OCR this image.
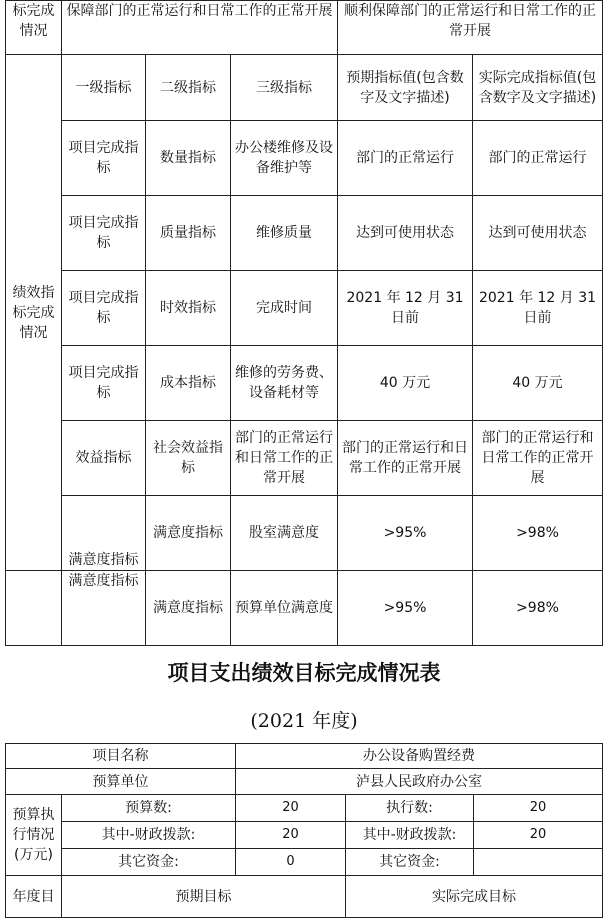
标完成情况	保障部门的正常运行和日常工作的正常开展			顺利保障部门的正常运行和日常工作的正常开展	
绩效指标完成情况	一级指标	二级指标	三级指标	预期指标值(包含数字及文字描述)	实际完成指标值(包含数字及文字描述)
	项目完成指标	数量指标	办公楼维修及设备维护等	部门的正常运行	部门的正常运行
	项目完成指标	质量指标	维修质量	达到可使用状态	达到可使用状态
	项目完成指标	时效指标	完成时间	2021 年 12 月 31 日前	2021 年 12 月 31 日前
	项目完成指标	成本指标	维修的劳务费、设备耗材等	40 万元	40 万元
	效益指标	社会效益指标	部门的正常运行和日常工作的正常开展	部门的正常运行和日常工作的正常开展	部门的正常运行和日常工作的正常开展
	满意度指标	满意度指标	股室满意度	>95%	>98%
	满意度指标	满意度指标	预算单位满意度	>95%	>98%
项目支出绩效目标完成情况表
(2021 年度)
项目名称		办公设备购置经费		
预算单位		泸县人民政府办公室		
预算执行情况(万元)	预算数:	20	执行数:	20
	其中-财政拨款:	20	其中-财政拨款:	20
	其它资金:	0	其它资金:	
年度目	预期目标		实际完成目标	
